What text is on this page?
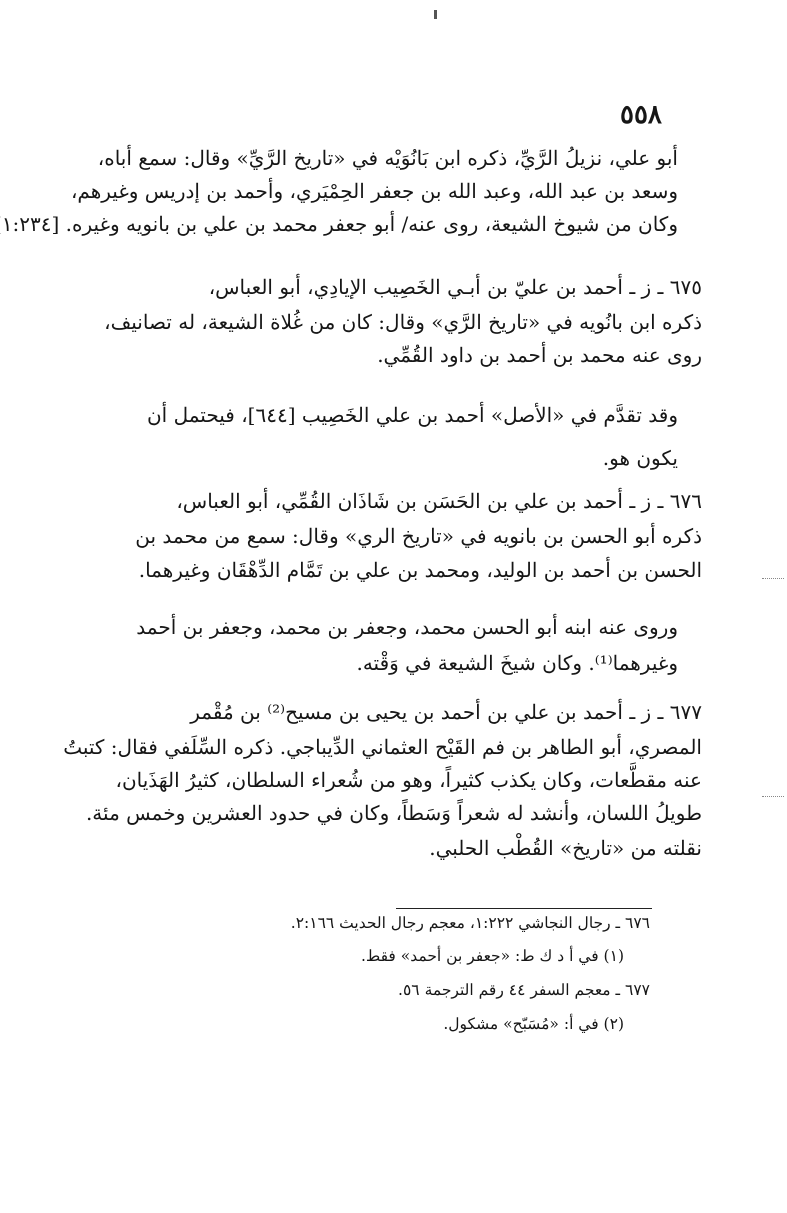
٥٥٨
أبو علي، نزيلُ الرَّيِّ، ذكره ابن بَانُوَيْه في «تاريخ الرَّيِّ» وقال: سمع أباه،
وسعد بن عبد الله، وعبد الله بن جعفر الحِمْيَري، وأحمد بن إدريس وغيرهم،
وكان من شيوخ الشيعة، روى عنه/ أبو جعفر محمد بن علي بن بانويه وغيره. [١:٢٣٤
٦٧٥ ـ ز ـ أحمد بن عليّ بن أبـي الخَصِيب الإيادِي، أبو العباس،
ذكره ابن بانُويه في «تاريخ الرَّي» وقال: كان من غُلاة الشيعة، له تصانيف،
روى عنه محمد بن أحمد بن داود القُمِّي.
وقد تقدَّم في «الأصل» أحمد بن علي الخَصِيب [٦٤٤]، فيحتمل أن
يكون هو.
٦٧٦ ـ ز ـ أحمد بن علي بن الحَسَن بن شَاذَان القُمِّي، أبو العباس،
ذكره أبو الحسن بن بانويه في «تاريخ الري» وقال: سمع من محمد بن
الحسن بن أحمد بن الوليد، ومحمد بن علي بن تَمَّام الدِّهْقَان وغيرهما.
وروى عنه ابنه أبو الحسن محمد، وجعفر بن محمد، وجعفر بن أحمد
وغيرهما⁽¹⁾. وكان شيخَ الشيعة في وَقْته.
٦٧٧ ـ ز ـ أحمد بن علي بن أحمد بن يحيى بن مسيح⁽²⁾ بن مُقْمر
المصري، أبو الطاهر بن فم القَيْح العثماني الدِّيباجي. ذكره السِّلَفي فقال: كتبتُ
عنه مقطَّعات، وكان يكذب كثيراً، وهو من شُعراء السلطان، كثيرُ الهَذَيان،
طويلُ اللسان، وأنشد له شعراً وَسَطاً، وكان في حدود العشرين وخمس مئة.
نقلته من «تاريخ» القُطْب الحلبي.
٦٧٦ ـ رجال النجاشي ١:٢٢٢، معجم رجال الحديث ٢:١٦٦.
(١) في أ د ك ط: «جعفر بن أحمد» فقط.
٦٧٧ ـ معجم السفر ٤٤ رقم الترجمة ٥٦.
(٢) في أ: «مُسَبّح» مشكول.
